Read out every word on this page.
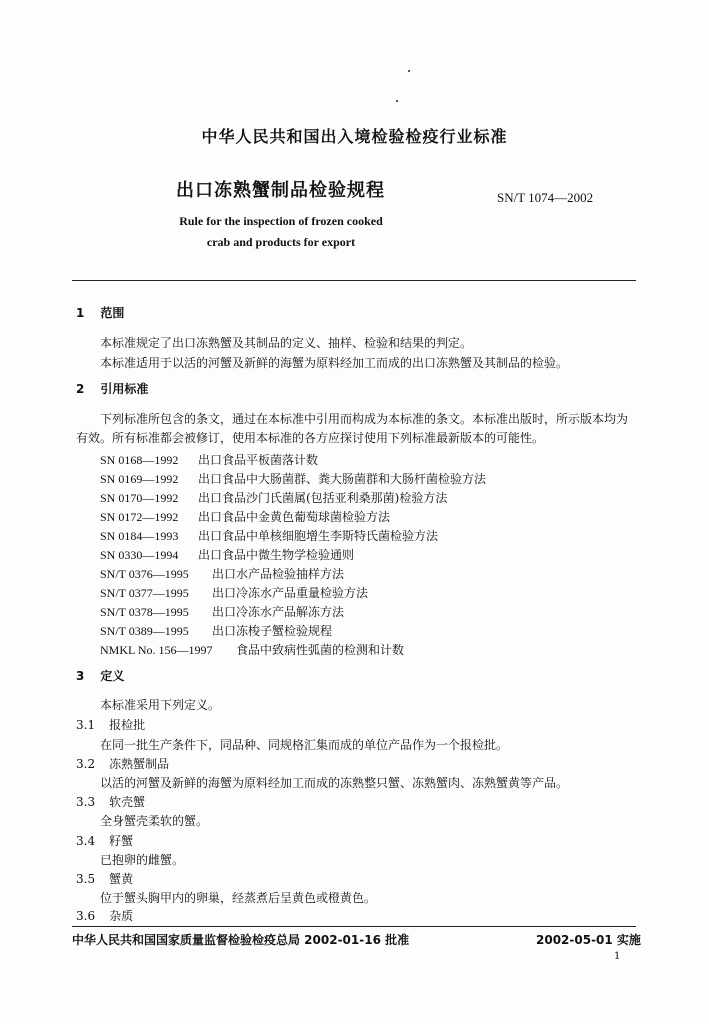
中华人民共和国出入境检验检疫行业标准
出口冻熟蟹制品检验规程	SN/T 1074—2002
Rule for the inspection of frozen cooked
crab and products for export
1 范围
本标准规定了出口冻熟蟹及其制品的定义、抽样、检验和结果的判定。
本标准适用于以活的河蟹及新鲜的海蟹为原料经加工而成的出口冻熟蟹及其制品的检验。
2 引用标准
下列标准所包含的条文，通过在本标准中引用而构成为本标准的条文。本标准出版时，所示版本均为有效。所有标准都会被修订，使用本标准的各方应探讨使用下列标准最新版本的可能性。
SN 0168—1992 出口食品平板菌落计数
SN 0169—1992 出口食品中大肠菌群、粪大肠菌群和大肠杆菌检验方法
SN 0170—1992 出口食品沙门氏菌属(包括亚利桑那菌)检验方法
SN 0172—1992 出口食品中金黄色葡萄球菌检验方法
SN 0184—1993 出口食品中单核细胞增生李斯特氏菌检验方法
SN 0330—1994 出口食品中微生物学检验通则
SN/T 0376—1995 出口水产品检验抽样方法
SN/T 0377—1995 出口冷冻水产品重量检验方法
SN/T 0378—1995 出口冷冻水产品解冻方法
SN/T 0389—1995 出口冻梭子蟹检验规程
NMKL No. 156—1997 食品中致病性弧菌的检测和计数
3 定义
本标准采用下列定义。
3.1 报检批
在同一批生产条件下，同品种、同规格汇集而成的单位产品作为一个报检批。
3.2 冻熟蟹制品
以活的河蟹及新鲜的海蟹为原料经加工而成的冻熟整只蟹、冻熟蟹肉、冻熟蟹黄等产品。
3.3 软壳蟹
全身蟹壳柔软的蟹。
3.4 籽蟹
已抱卵的雌蟹。
3.5 蟹黄
位于蟹头胸甲内的卵巢，经蒸煮后呈黄色或橙黄色。
3.6 杂质
中华人民共和国国家质量监督检验检疫总局 2002-01-16 批准	2002-05-01 实施
1
